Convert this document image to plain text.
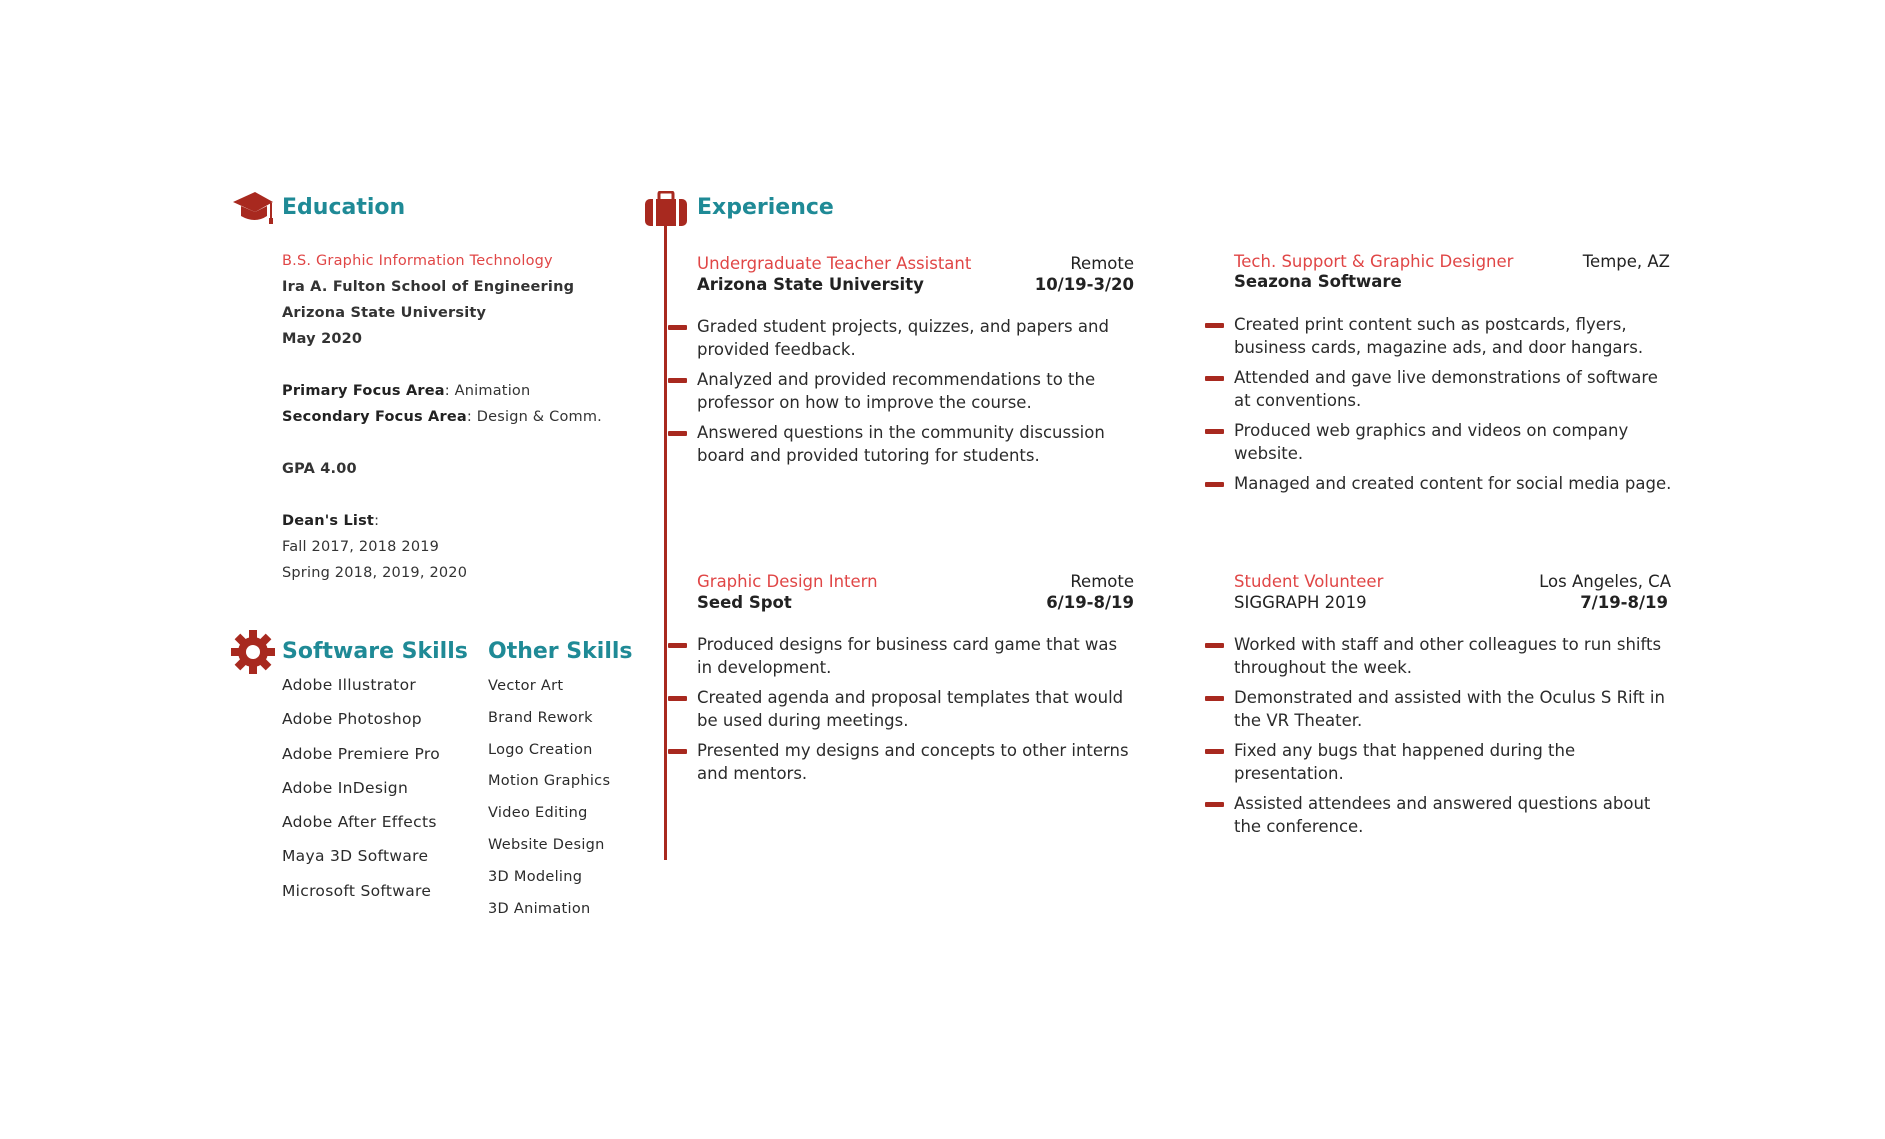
Education
B.S. Graphic Information Technology
Ira A. Fulton School of Engineering
Arizona State University
May 2020
Primary Focus Area: Animation
Secondary Focus Area: Design & Comm.
GPA 4.00
Dean's List:
Fall 2017, 2018 2019
Spring 2018, 2019, 2020
Software Skills Other Skills
Adobe Illustrator
Adobe Photoshop
Adobe Premiere Pro
Adobe InDesign
Adobe After Effects
Maya 3D Software
Microsoft Software
Vector Art
Brand Rework
Logo Creation
Motion Graphics
Video Editing
Website Design
3D Modeling
3D Animation
Experience
Undergraduate Teacher Assistant	Remote
Arizona State University	10/19-3/20
Graded student projects, quizzes, and papers and provided feedback.
Analyzed and provided recommendations to the professor on how to improve the course.
Answered questions in the community discussion board and provided tutoring for students.
Tech. Support & Graphic Designer	Tempe, AZ
Seazona Software
Created print content such as postcards, flyers, business cards, magazine ads, and door hangars.
Attended and gave live demonstrations of software at conventions.
Produced web graphics and videos on company website.
Managed and created content for social media page.
Graphic Design Intern	Remote
Seed Spot	6/19-8/19
Produced designs for business card game that was in development.
Created agenda and proposal templates that would be used during meetings.
Presented my designs and concepts to other interns and mentors.
Student Volunteer	Los Angeles, CA
SIGGRAPH 2019	7/19-8/19
Worked with staff and other colleagues to run shifts throughout the week.
Demonstrated and assisted with the Oculus S Rift in the VR Theater.
Fixed any bugs that happened during the presentation.
Assisted attendees and answered questions about the conference.
